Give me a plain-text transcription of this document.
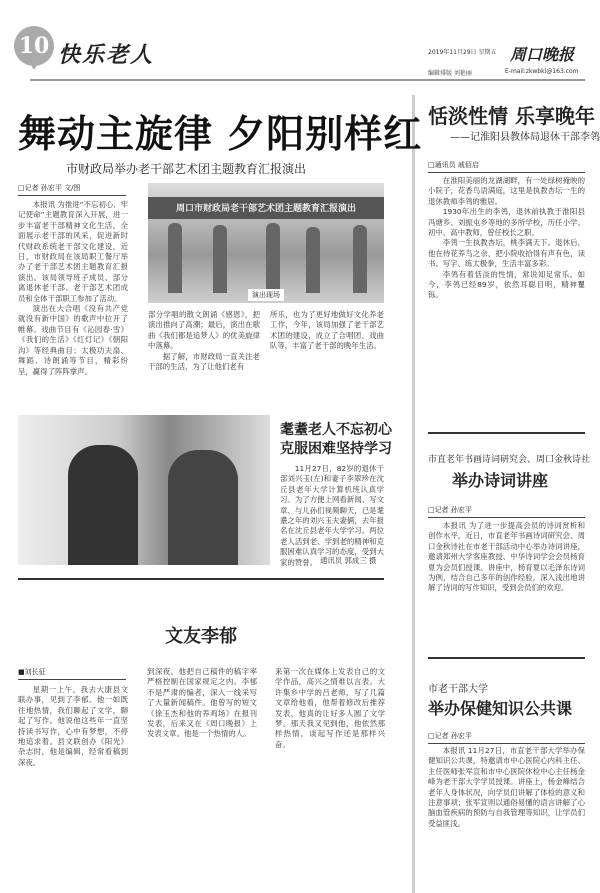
10 快乐老人	2019年11月29日 星期五 周口晚报
编辑排版 刘艳丽	E-mail:zkwbkl@163.com
舞动主旋律 夕阳别样红
市财政局举办老干部艺术团主题教育汇报演出
□记者 孙宏平 文/图

本报讯 为推进“不忘初心、牢记使命”主题教育深入开展，进一步丰富老干部精神文化生活，全面展示老干部的风采，促进新时代财政系统老干部文化建设，近日，市财政局在该局职工餐厅举办了老干部艺术团主题教育汇报演出。该局领导班子成员、部分离退休老干部、老干部艺术团成员和全体干部职工参加了活动。

演出在大合唱《没有共产党就没有新中国》的歌声中拉开了帷幕。戏曲节目有《沁园春·雪》《我们的生活》《红灯记》《朝阳沟》等经典曲目；太极功夫扇、舞蹈、诗朗诵等节目，精彩纷呈，赢得了阵阵掌声。

周口市财政局老干部艺术团主题教育汇报演出
演出现场

部分学唱的散文朗诵《感恩》，把演出推向了高潮；最后，演出在歌曲《我们都是追梦人》的优美旋律中落幕。

据了解，市财政局一直关注老干部的生活，为了让他们老有

所乐，也为了更好地做好文化养老工作，今年，该局加强了老干部艺术团的建设，成立了合唱团、戏曲队等，丰富了老干部的晚年生活。

耄耋老人不忘初心
克服困难坚持学习

11月27日，82岁的退休干部刘兴玉(左)和妻子李翠珍在沈丘县老年大学计算机班认真学习。为了方便上网看新闻、写文章、与儿孙们视频聊天，已是耄耋之年的刘兴玉夫妻俩，去年报名在沈丘县老年大学学习。两位老人活到老、学到老的精神和克服困难认真学习的态度，受到大家的赞誉。 通讯员 郭成三 摄
文友李郁
■刘长征

星期一上午，我去大康县文联办事，见到了李郁。他一如既往地热情，我们聊起了文学，聊起了写作。他说他这些年一直坚持读书写作，心中有梦想，不停地追求着。县文联创办《阳光》杂志时，他是编辑，经常看稿到深夜。

到深夜。他把自己稿件的稿字率严格控制在国家规定之内。李郁不是严肃的编者，深入一线采写了大量新闻稿件。他曾写的短文《徐玉杰和他的养鸡场》在报刊发表，后来又在《周口晚报》上发表文章。他是一个热情的人。

来第一次在媒体上发表自己的文学作品，高兴之情难以言表。大许集乡中学的吕老师，写了几篇文章给他看，他帮着修改后推荐发表，他真的让好多人圆了文学梦。那天我又见到他，他依然那样热情，谈起写作还是那样兴奋。

恬淡性情 乐享晚年
——记淮阳县教体局退休干部李鸰
□通讯员 戚佰启

在淮阳美丽的龙湖湖畔，有一处绿树掩映的小院子，花香鸟语满庭，这里是执教杏坛一生的退休教师李鸰的雅居。

1930年出生的李鸰，退休前执教于淮阳县冯塘乡、刘振屯乡等地的多所学校，历任小学、初中、高中教师，曾任校长之职。

李鸰一生执教杏坛，桃李满天下。退休后，他在侍花养鸟之余，把小院收拾得有声有色，读书、写字、练太极拳，生活丰富多彩。

李鸰有着恬淡的性情，常说知足常乐。如今，李鸰已经89岁，依然耳聪目明，精神矍铄。

市直老年书画诗词研究会、周口金秋诗社
举办诗词讲座
□记者 孙宏平

本报讯 为了进一步提高会员的诗词赏析和创作水平，近日，市直老年书画诗词研究会、周口金秋诗社在市老干部活动中心举办诗词讲座，邀请郑州大学客座教授、中华诗词学会会员杨育夏为会员们授课。讲座中，杨育夏以毛泽东诗词为例，结合自己多年的创作经验，深入浅出地讲解了诗词的写作知识，受到会员们的欢迎。

市老干部大学
举办保健知识公共课
□记者 孙宏平

本报讯 11月27日，市直老干部大学举办保健知识公共课，特邀请市中心医院心内科主任、主任医师张军宣和市中心医院休检中心主任杨金峰为老干部大学学员授课。讲座上，杨金峰结合老年人身体状况，向学员们讲解了体检的意义和注意事项；张军宣则以通俗易懂的语言讲解了心脑血管疾病的预防与自我管理等知识，让学员们受益匪浅。
